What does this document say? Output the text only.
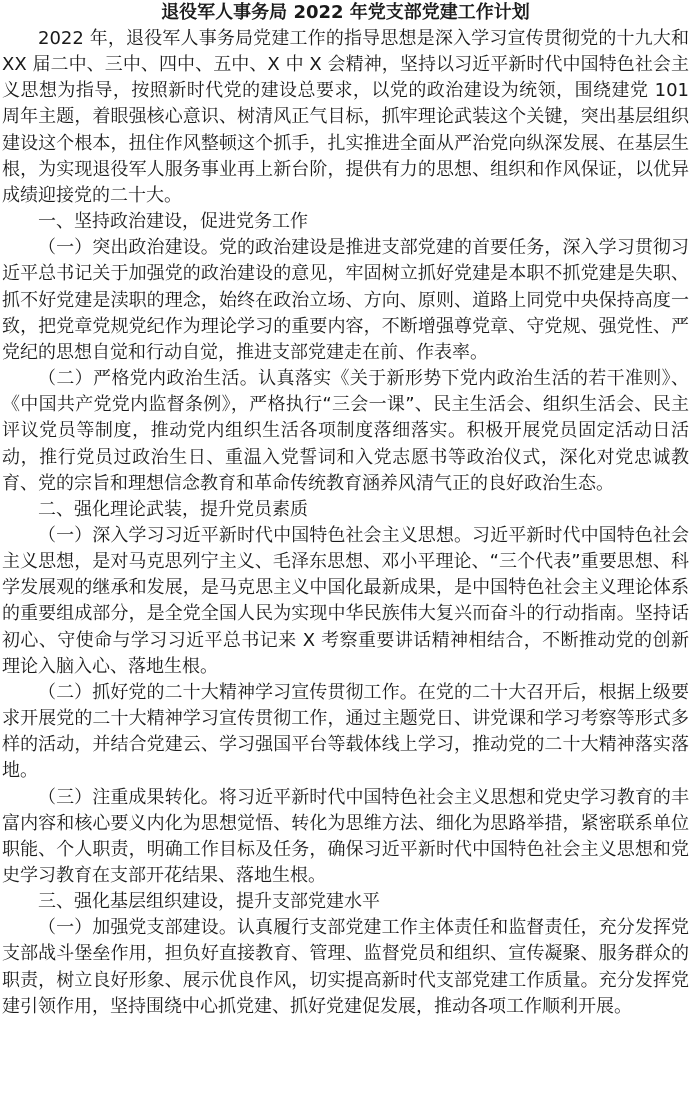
退役军人事务局 2022 年党支部党建工作计划

2022 年，退役军人事务局党建工作的指导思想是深入学习宣传贯彻党的十九大和 XX 届二中、三中、四中、五中、X 中 X 会精神，坚持以习近平新时代中国特色社会主义思想为指导，按照新时代党的建设总要求，以党的政治建设为统领，围绕建党 101 周年主题，着眼强核心意识、树清风正气目标，抓牢理论武装这个关键，突出基层组织建设这个根本，扭住作风整顿这个抓手，扎实推进全面从严治党向纵深发展、在基层生根，为实现退役军人服务事业再上新台阶，提供有力的思想、组织和作风保证，以优异成绩迎接党的二十大。

一、坚持政治建设，促进党务工作

（一）突出政治建设。党的政治建设是推进支部党建的首要任务，深入学习贯彻习近平总书记关于加强党的政治建设的意见，牢固树立抓好党建是本职不抓党建是失职、抓不好党建是渎职的理念，始终在政治立场、方向、原则、道路上同党中央保持高度一致，把党章党规党纪作为理论学习的重要内容，不断增强尊党章、守党规、强党性、严党纪的思想自觉和行动自觉，推进支部党建走在前、作表率。

（二）严格党内政治生活。认真落实《关于新形势下党内政治生活的若干准则》、《中国共产党党内监督条例》，严格执行“三会一课”、民主生活会、组织生活会、民主评议党员等制度，推动党内组织生活各项制度落细落实。积极开展党员固定活动日活动，推行党员过政治生日、重温入党誓词和入党志愿书等政治仪式，深化对党忠诚教育、党的宗旨和理想信念教育和革命传统教育涵养风清气正的良好政治生态。

二、强化理论武装，提升党员素质

（一）深入学习习近平新时代中国特色社会主义思想。习近平新时代中国特色社会主义思想，是对马克思列宁主义、毛泽东思想、邓小平理论、“三个代表”重要思想、科学发展观的继承和发展，是马克思主义中国化最新成果，是中国特色社会主义理论体系的重要组成部分，是全党全国人民为实现中华民族伟大复兴而奋斗的行动指南。坚持话初心、守使命与学习习近平总书记来 X 考察重要讲话精神相结合，不断推动党的创新理论入脑入心、落地生根。

（二）抓好党的二十大精神学习宣传贯彻工作。在党的二十大召开后，根据上级要求开展党的二十大精神学习宣传贯彻工作，通过主题党日、讲党课和学习考察等形式多样的活动，并结合党建云、学习强国平台等载体线上学习，推动党的二十大精神落实落地。

（三）注重成果转化。将习近平新时代中国特色社会主义思想和党史学习教育的丰富内容和核心要义内化为思想觉悟、转化为思维方法、细化为思路举措，紧密联系单位职能、个人职责，明确工作目标及任务，确保习近平新时代中国特色社会主义思想和党史学习教育在支部开花结果、落地生根。

三、强化基层组织建设，提升支部党建水平

（一）加强党支部建设。认真履行支部党建工作主体责任和监督责任，充分发挥党支部战斗堡垒作用，担负好直接教育、管理、监督党员和组织、宣传凝聚、服务群众的职责，树立良好形象、展示优良作风，切实提高新时代支部党建工作质量。充分发挥党建引领作用，坚持围绕中心抓党建、抓好党建促发展，推动各项工作顺利开展。
